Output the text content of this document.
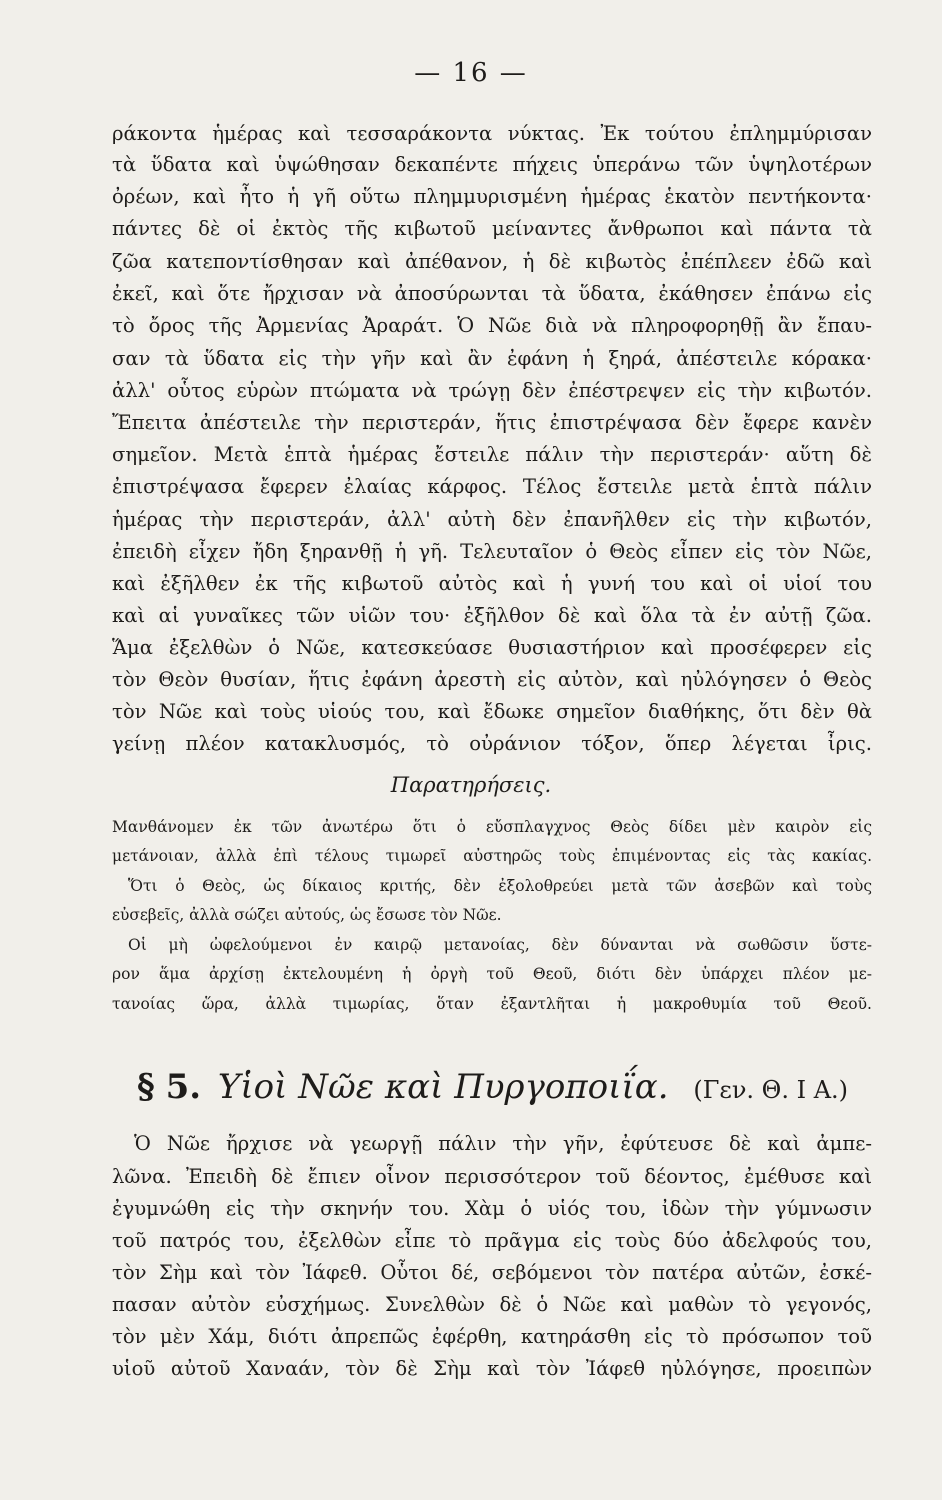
— 16 —
ράκοντα ἡμέρας καὶ τεσσαράκοντα νύκτας. Ἐκ τούτου ἐπλημμύρισαν
τὰ ὕδατα καὶ ὑψώθησαν δεκαπέντε πήχεις ὑπεράνω τῶν ὑψηλοτέρων
ὀρέων, καὶ ἦτο ἡ γῆ οὕτω πλημμυρισμένη ἡμέρας ἑκατὸν πεντήκοντα·
πάντες δὲ οἱ ἐκτὸς τῆς κιβωτοῦ μείναντες ἄνθρωποι καὶ πάντα τὰ
ζῶα κατεποντίσθησαν καὶ ἀπέθανον, ἡ δὲ κιβωτὸς ἐπέπλεεν ἐδῶ καὶ
ἐκεῖ, καὶ ὅτε ἤρχισαν νὰ ἀποσύρωνται τὰ ὕδατα, ἐκάθησεν ἐπάνω εἰς
τὸ ὄρος τῆς Ἀρμενίας Ἀραράτ. Ὁ Νῶε διὰ νὰ πληροφορηθῇ ἂν ἔπαυ-
σαν τὰ ὕδατα εἰς τὴν γῆν καὶ ἂν ἐφάνη ἡ ξηρά, ἀπέστειλε κόρακα·
ἀλλ' οὗτος εὑρὼν πτώματα νὰ τρώγῃ δὲν ἐπέστρεψεν εἰς τὴν κιβωτόν.
Ἔπειτα ἀπέστειλε τὴν περιστεράν, ἥτις ἐπιστρέψασα δὲν ἔφερε κανὲν
σημεῖον. Μετὰ ἑπτὰ ἡμέρας ἔστειλε πάλιν τὴν περιστεράν· αὕτη δὲ
ἐπιστρέψασα ἔφερεν ἐλαίας κάρφος. Τέλος ἔστειλε μετὰ ἑπτὰ πάλιν
ἡμέρας τὴν περιστεράν, ἀλλ' αὐτὴ δὲν ἐπανῆλθεν εἰς τὴν κιβωτόν,
ἐπειδὴ εἶχεν ἤδη ξηρανθῇ ἡ γῆ. Τελευταῖον ὁ Θεὸς εἶπεν εἰς τὸν Νῶε,
καὶ ἐξῆλθεν ἐκ τῆς κιβωτοῦ αὐτὸς καὶ ἡ γυνή του καὶ οἱ υἱοί του
καὶ αἱ γυναῖκες τῶν υἱῶν του· ἐξῆλθον δὲ καὶ ὅλα τὰ ἐν αὐτῇ ζῶα.
Ἅμα ἐξελθὼν ὁ Νῶε, κατεσκεύασε θυσιαστήριον καὶ προσέφερεν εἰς
τὸν Θεὸν θυσίαν, ἥτις ἐφάνη ἀρεστὴ εἰς αὐτὸν, καὶ ηὐλόγησεν ὁ Θεὸς
τὸν Νῶε καὶ τοὺς υἱούς του, καὶ ἔδωκε σημεῖον διαθήκης, ὅτι δὲν θὰ
γείνῃ πλέον κατακλυσμός, τὸ οὐράνιον τόξον, ὅπερ λέγεται ἶρις.
Παρατηρήσεις.
Μανθάνομεν ἐκ τῶν ἀνωτέρω ὅτι ὁ εὔσπλαγχνος Θεὸς δίδει μὲν καιρὸν εἰς
μετάνοιαν, ἀλλὰ ἐπὶ τέλους τιμωρεῖ αὐστηρῶς τοὺς ἐπιμένοντας εἰς τὰς κακίας.
Ὅτι ὁ Θεὸς, ὡς δίκαιος κριτής, δὲν ἐξολοθρεύει μετὰ τῶν ἀσεβῶν καὶ τοὺς
εὐσεβεῖς, ἀλλὰ σώζει αὐτούς, ὡς ἔσωσε τὸν Νῶε.
Οἱ μὴ ὠφελούμενοι ἐν καιρῷ μετανοίας, δὲν δύνανται νὰ σωθῶσιν ὕστε-
ρον ἅμα ἀρχίσῃ ἐκτελουμένη ἡ ὀργὴ τοῦ Θεοῦ, διότι δὲν ὑπάρχει πλέον με-
τανοίας ὥρα, ἀλλὰ τιμωρίας, ὅταν ἐξαντλῆται ἡ μακροθυμία τοῦ Θεοῦ.
§ 5. Υἱοὶ Νῶε καὶ Πυργοποιΐα. (Γεν. Θ. Ι Α.)
Ὁ Νῶε ἤρχισε νὰ γεωργῇ πάλιν τὴν γῆν, ἐφύτευσε δὲ καὶ ἀμπε-
λῶνα. Ἐπειδὴ δὲ ἔπιεν οἶνον περισσότερον τοῦ δέοντος, ἐμέθυσε καὶ
ἐγυμνώθη εἰς τὴν σκηνήν του. Χὰμ ὁ υἱός του, ἰδὼν τὴν γύμνωσιν
τοῦ πατρός του, ἐξελθὼν εἶπε τὸ πρᾶγμα εἰς τοὺς δύο ἀδελφούς του,
τὸν Σὴμ καὶ τὸν Ἰάφεθ. Οὗτοι δέ, σεβόμενοι τὸν πατέρα αὐτῶν, ἐσκέ-
πασαν αὐτὸν εὐσχήμως. Συνελθὼν δὲ ὁ Νῶε καὶ μαθὼν τὸ γεγονός,
τὸν μὲν Χάμ, διότι ἀπρεπῶς ἐφέρθη, κατηράσθη εἰς τὸ πρόσωπον τοῦ
υἱοῦ αὐτοῦ Χαναάν, τὸν δὲ Σὴμ καὶ τὸν Ἰάφεθ ηὐλόγησε, προειπὼν
